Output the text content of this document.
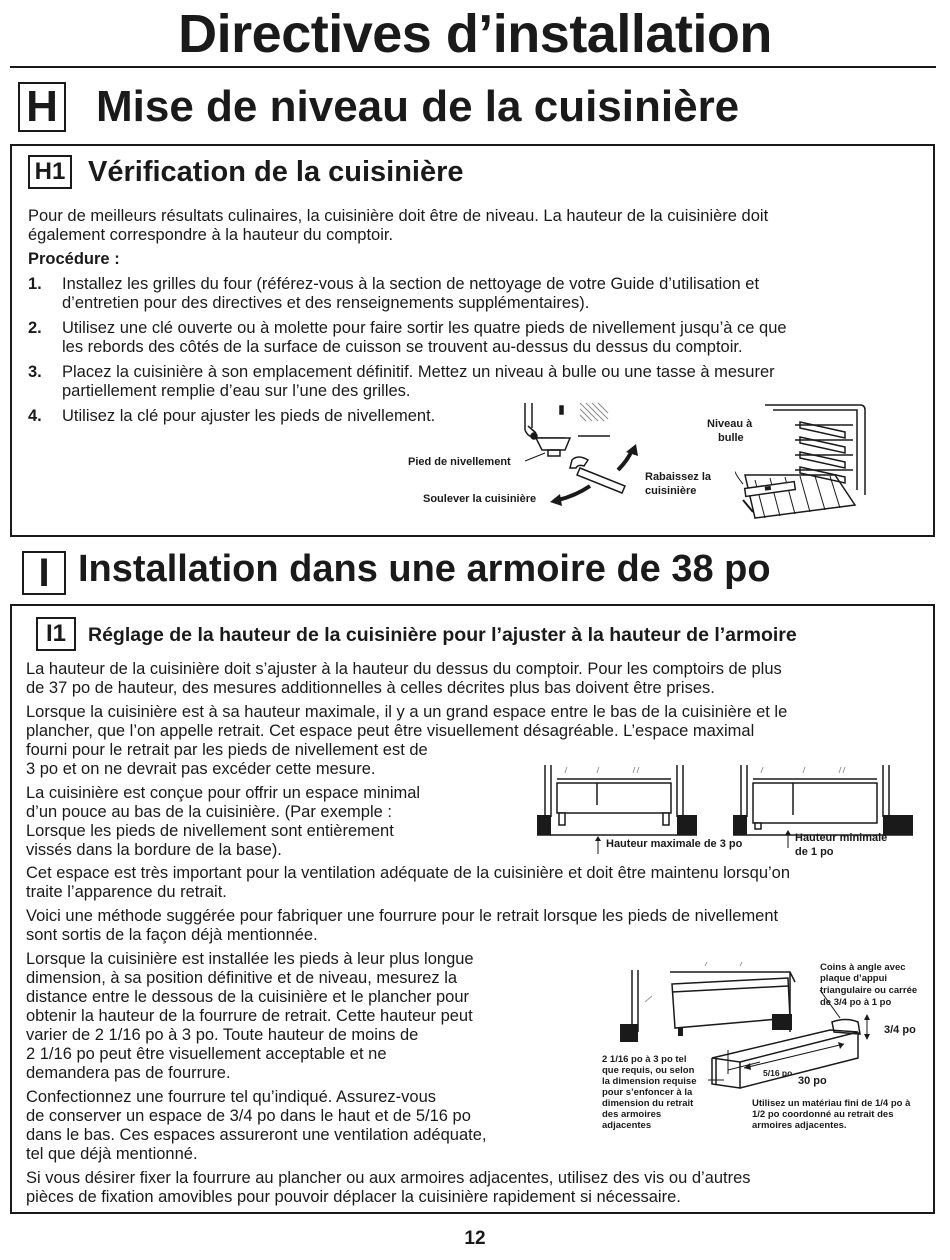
Directives d’installation
H Mise de niveau de la cuisinière
H1 Vérification de la cuisinière
Pour de meilleurs résultats culinaires, la cuisinière doit être de niveau. La hauteur de la cuisinière doit
également correspondre à la hauteur du comptoir.
Procédure :
1. Installez les grilles du four (référez-vous à la section de nettoyage de votre Guide d’utilisation et
d’entretien pour des directives et des renseignements supplémentaires).
2. Utilisez une clé ouverte ou à molette pour faire sortir les quatre pieds de nivellement jusqu’à ce que
les rebords des côtés de la surface de cuisson se trouvent au-dessus du dessus du comptoir.
3. Placez la cuisinière à son emplacement définitif. Mettez un niveau à bulle ou une tasse à mesurer
partiellement remplie d’eau sur l’une des grilles.
4. Utilisez la clé pour ajuster les pieds de nivellement.
Pied de nivellement
Soulever la cuisinière
Rabaissez la
cuisinière
Niveau à
bulle
I Installation dans une armoire de 38 po
I1	Réglage de la hauteur de la cuisinière pour l’ajuster à la hauteur de l’armoire
La hauteur de la cuisinière doit s’ajuster à la hauteur du dessus du comptoir. Pour les comptoirs de plus
de 37 po de hauteur, des mesures additionnelles à celles décrites plus bas doivent être prises.
Lorsque la cuisinière est à sa hauteur maximale, il y a un grand espace entre le bas de la cuisinière et le
plancher, que l’on appelle retrait. Cet espace peut être visuellement désagréable. L’espace maximal
fourni pour le retrait par les pieds de nivellement est de
3 po et on ne devrait pas excéder cette mesure.
La cuisinière est conçue pour offrir un espace minimal
d’un pouce au bas de la cuisinière. (Par exemple :
Lorsque les pieds de nivellement sont entièrement
vissés dans la bordure de la base).	Hauteur maximale de 3 po	Hauteur minimale
de 1 po
Cet espace est très important pour la ventilation adéquate de la cuisinière et doit être maintenu lorsqu’on
traite l’apparence du retrait.
Voici une méthode suggérée pour fabriquer une fourrure pour le retrait lorsque les pieds de nivellement
sont sortis de la façon déjà mentionnée.
Lorsque la cuisinière est installée les pieds à leur plus longue
dimension, à sa position définitive et de niveau, mesurez la
distance entre le dessous de la cuisinière et le plancher pour
obtenir la hauteur de la fourrure de retrait. Cette hauteur peut
varier de 2 1/16 po à 3 po. Toute hauteur de moins de
2 1/16 po peut être visuellement acceptable et ne
demandera pas de fourrure.
Confectionnez une fourrure tel qu’indiqué. Assurez-vous
de conserver un espace de 3/4 po dans le haut et de 5/16 po
dans le bas. Ces espaces assureront une ventilation adéquate,
tel que déjà mentionné.
Coins à angle avec
plaque d’appui
triangulaire ou carrée
de 3/4 po à 1 po
3/4 po
2 1/16 po à 3 po tel
que requis, ou selon
la dimension requise
pour s’enfoncer à la
dimension du retrait
des armoires
adjacentes
5/16 po
30 po
Utilisez un matériau fini de 1/4 po à
1/2 po coordonné au retrait des
armoires adjacentes.
Si vous désirer fixer la fourrure au plancher ou aux armoires adjacentes, utilisez des vis ou d’autres
pièces de fixation amovibles pour pouvoir déplacer la cuisinière rapidement si nécessaire.
12
